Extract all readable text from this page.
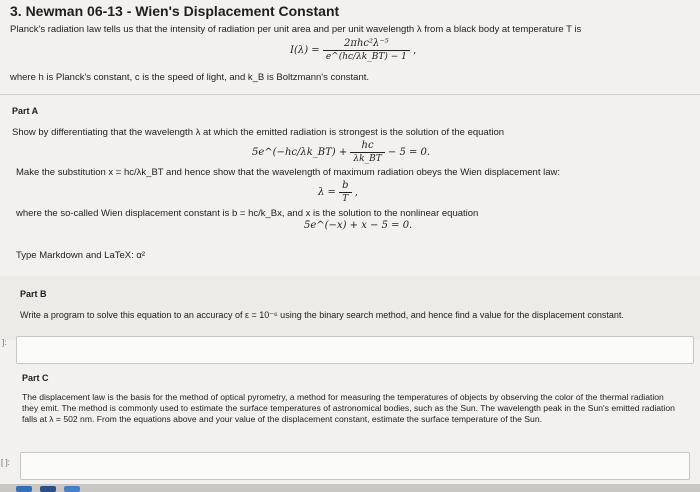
3. Newman 06-13 - Wien's Displacement Constant
Planck's radiation law tells us that the intensity of radiation per unit area and per unit wavelength λ from a black body at temperature T is
$I(\lambda) = \frac{\text{2πhc²λ⁻⁵}}{e\^{}(hc/\lambda k\_BT) - 1}$ ,
where h is Planck's constant, c is the speed of light, and k_B is Boltzmann's constant.
Part A
Show by differentiating that the wavelength λ at which the emitted radiation is strongest is the solution of the equation
5e^(−hc/λk_BT) + $\frac{hc}{\lambda k\_BT} - 5 = 0$.
Make the substitution x = hc/λk_BT and hence show that the wavelength of maximum radiation obeys the Wien displacement law:
$\lambda = \frac{b}{T}$ ,
where the so-called Wien displacement constant is b = hc/k_Bx, and x is the solution to the nonlinear equation
5e^(−x) + x − 5 = 0.
Type Markdown and LaTeX: α²
Part B
Write a program to solve this equation to an accuracy of ε = 10⁻⁶ using the binary search method, and hence find a value for the displacement constant.
]:
Part C
The displacement law is the basis for the method of optical pyrometry, a method for measuring the temperatures of objects by observing the color of the thermal radiation they emit. The method is commonly used to estimate the surface temperatures of astronomical bodies, such as the Sun. The wavelength peak in the Sun's emitted radiation falls at λ = 502 nm. From the equations above and your value of the displacement constant, estimate the surface temperature of the Sun.
[ ]:
